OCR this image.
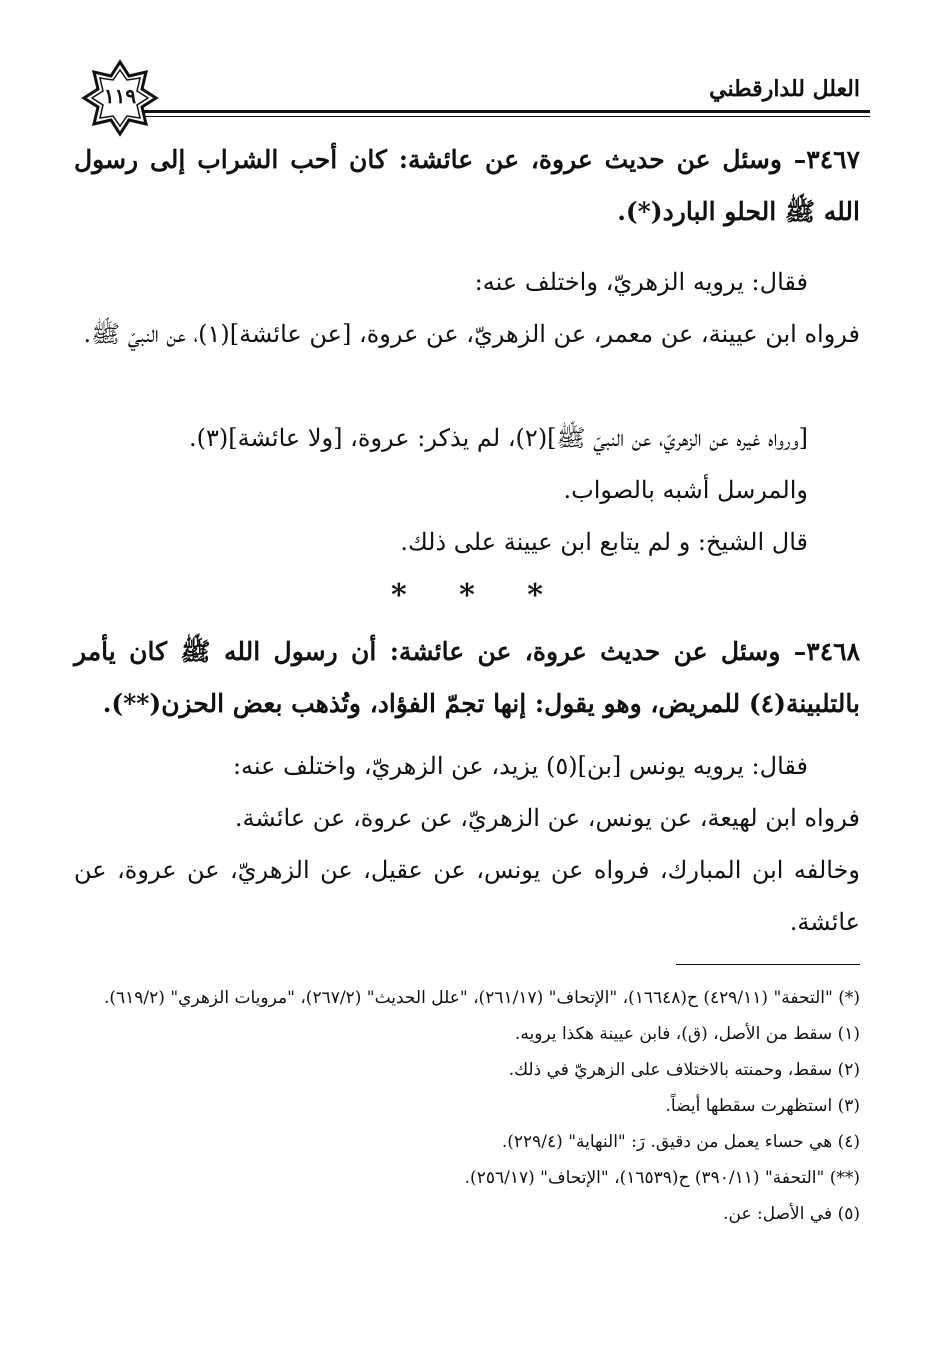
العلل للدارقطني
١١٩
٣٤٦٧– وسئل عن حديث عروة، عن عائشة: كان أحب الشراب إلى رسول الله ﷺ الحلو البارد(*).
فقال: يرويه الزهريّ، واختلف عنه:
فرواه ابن عيينة، عن معمر، عن الزهريّ، عن عروة، [عن عائشة](١)، عن النبيّ ﷺ.
[ورواه غيره عن الزهريّ، عن النبيّ ﷺ](٢)، لم يذكر: عروة، [ولا عائشة](٣).
والمرسل أشبه بالصواب.
قال الشيخ: و لم يتابع ابن عيينة على ذلك.
* * *
٣٤٦٨– وسئل عن حديث عروة، عن عائشة: أن رسول الله ﷺ كان يأمر بالتلبينة(٤) للمريض، وهو يقول: إنها تجمّ الفؤاد، وتُذهب بعض الحزن(**).
فقال: يرويه يونس [بن](٥) يزيد، عن الزهريّ، واختلف عنه:
فرواه ابن لهيعة، عن يونس، عن الزهريّ، عن عروة، عن عائشة.
وخالفه ابن المبارك، فرواه عن يونس، عن عقيل، عن الزهريّ، عن عروة، عن عائشة.
(*) "التحفة" (٤٢٩/١١) ح(١٦٦٤٨)، "الإتحاف" (٢٦١/١٧)، "علل الحديث" (٢٦٧/٢)، "مرويات الزهري" (٦١٩/٢).
(١) سقط من الأصل، (ق)، فابن عيينة هكذا يرويه.
(٢) سقط، وحمنته بالاختلاف على الزهريّ في ذلك.
(٣) استظهرت سقطها أيضاً.
(٤) هي حساء يعمل من دقيق. رَ: "النهاية" (٢٢٩/٤).
(**) "التحفة" (٣٩٠/١١) ح(١٦٥٣٩)، "الإتحاف" (٢٥٦/١٧).
(٥) في الأصل: عن.
